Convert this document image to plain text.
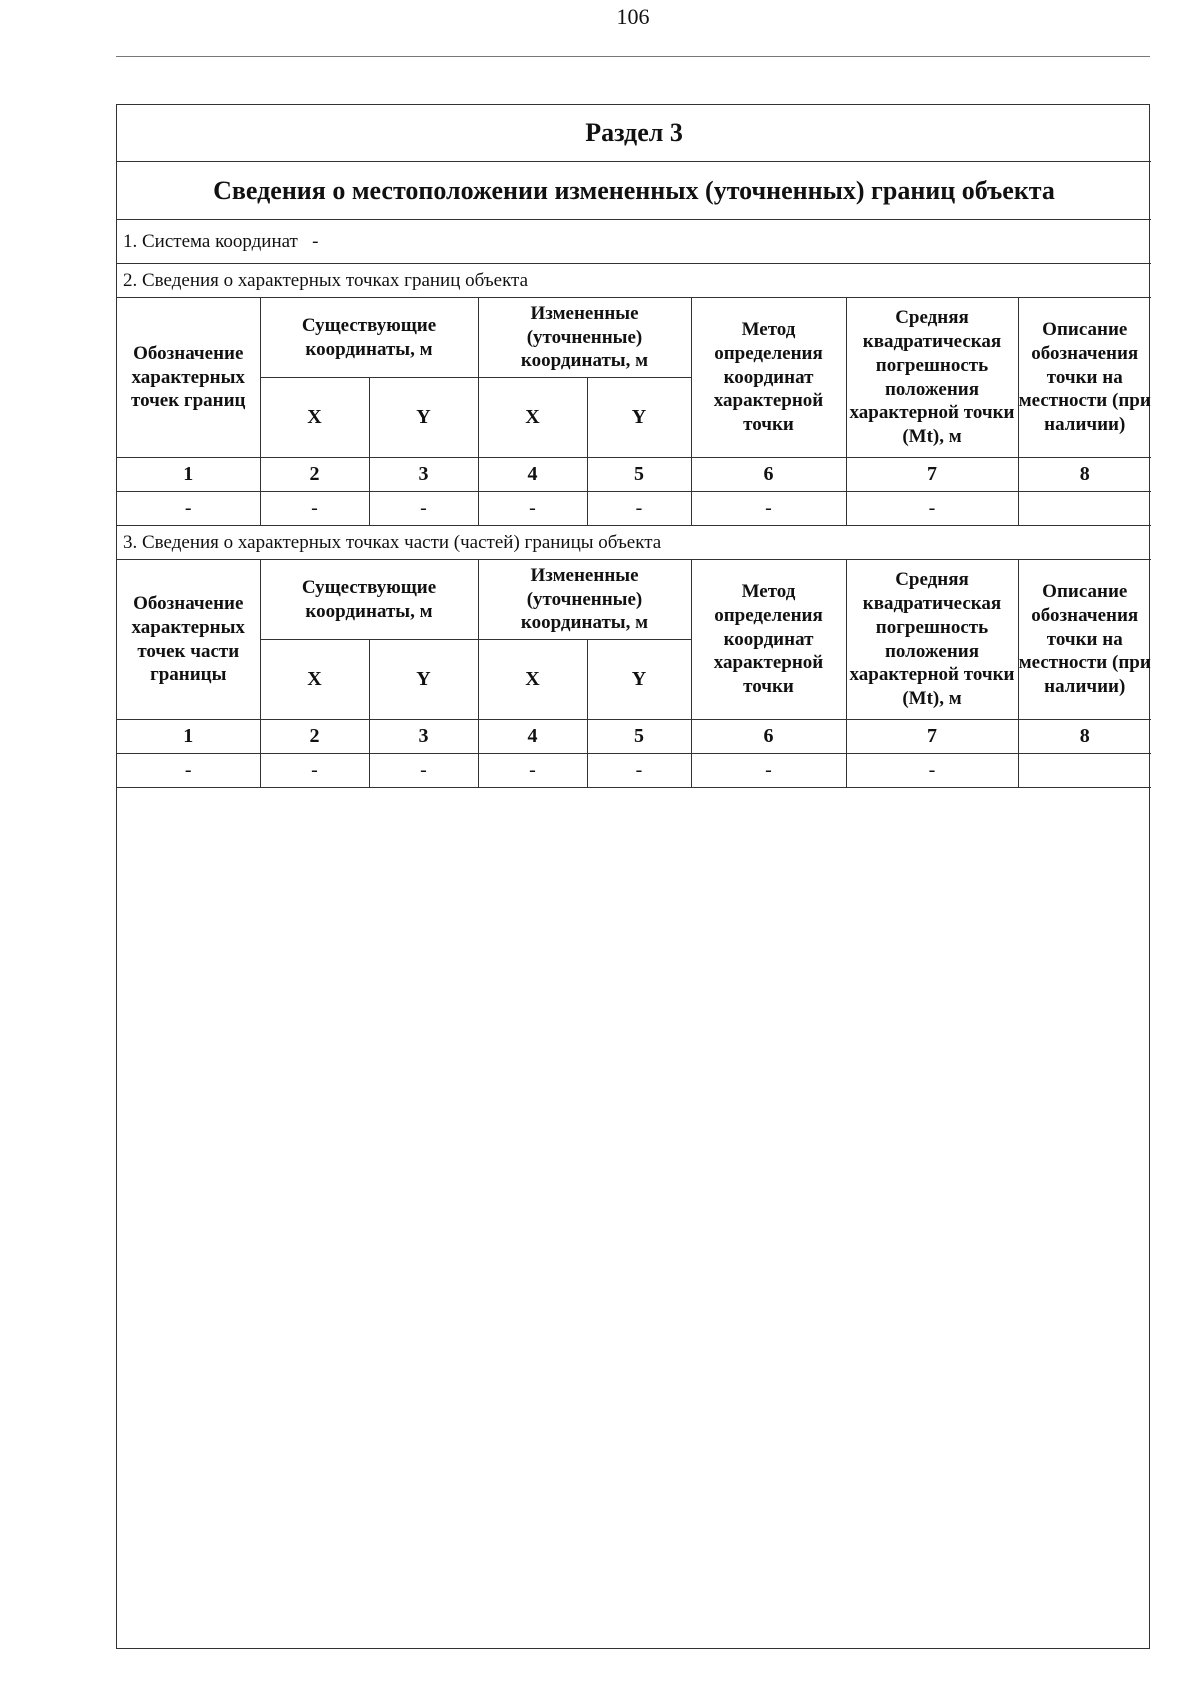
106
Раздел 3							
Сведения о местоположении измененных (уточненных) границ объекта							
1. Система координат -							
2. Сведения о характерных точках границ объекта							
Обозначение характерных точек границ	Существующие координаты, м		Измененные (уточненные) координаты, м		Метод определения координат характерной точки	Средняя квадратическая погрешность положения характерной точки (Mt), м	Описание обозначения точки на местности (при наличии)
	X	Y	X	Y			
1	2	3	4	5	6	7	8
-	-	-	-	-	-	-	
3. Сведения о характерных точках части (частей) границы объекта							
Обозначение характерных точек части границы	Существующие координаты, м		Измененные (уточненные) координаты, м		Метод определения координат характерной точки	Средняя квадратическая погрешность положения характерной точки (Mt), м	Описание обозначения точки на местности (при наличии)
	X	Y	X	Y			
1	2	3	4	5	6	7	8
-	-	-	-	-	-	-	
